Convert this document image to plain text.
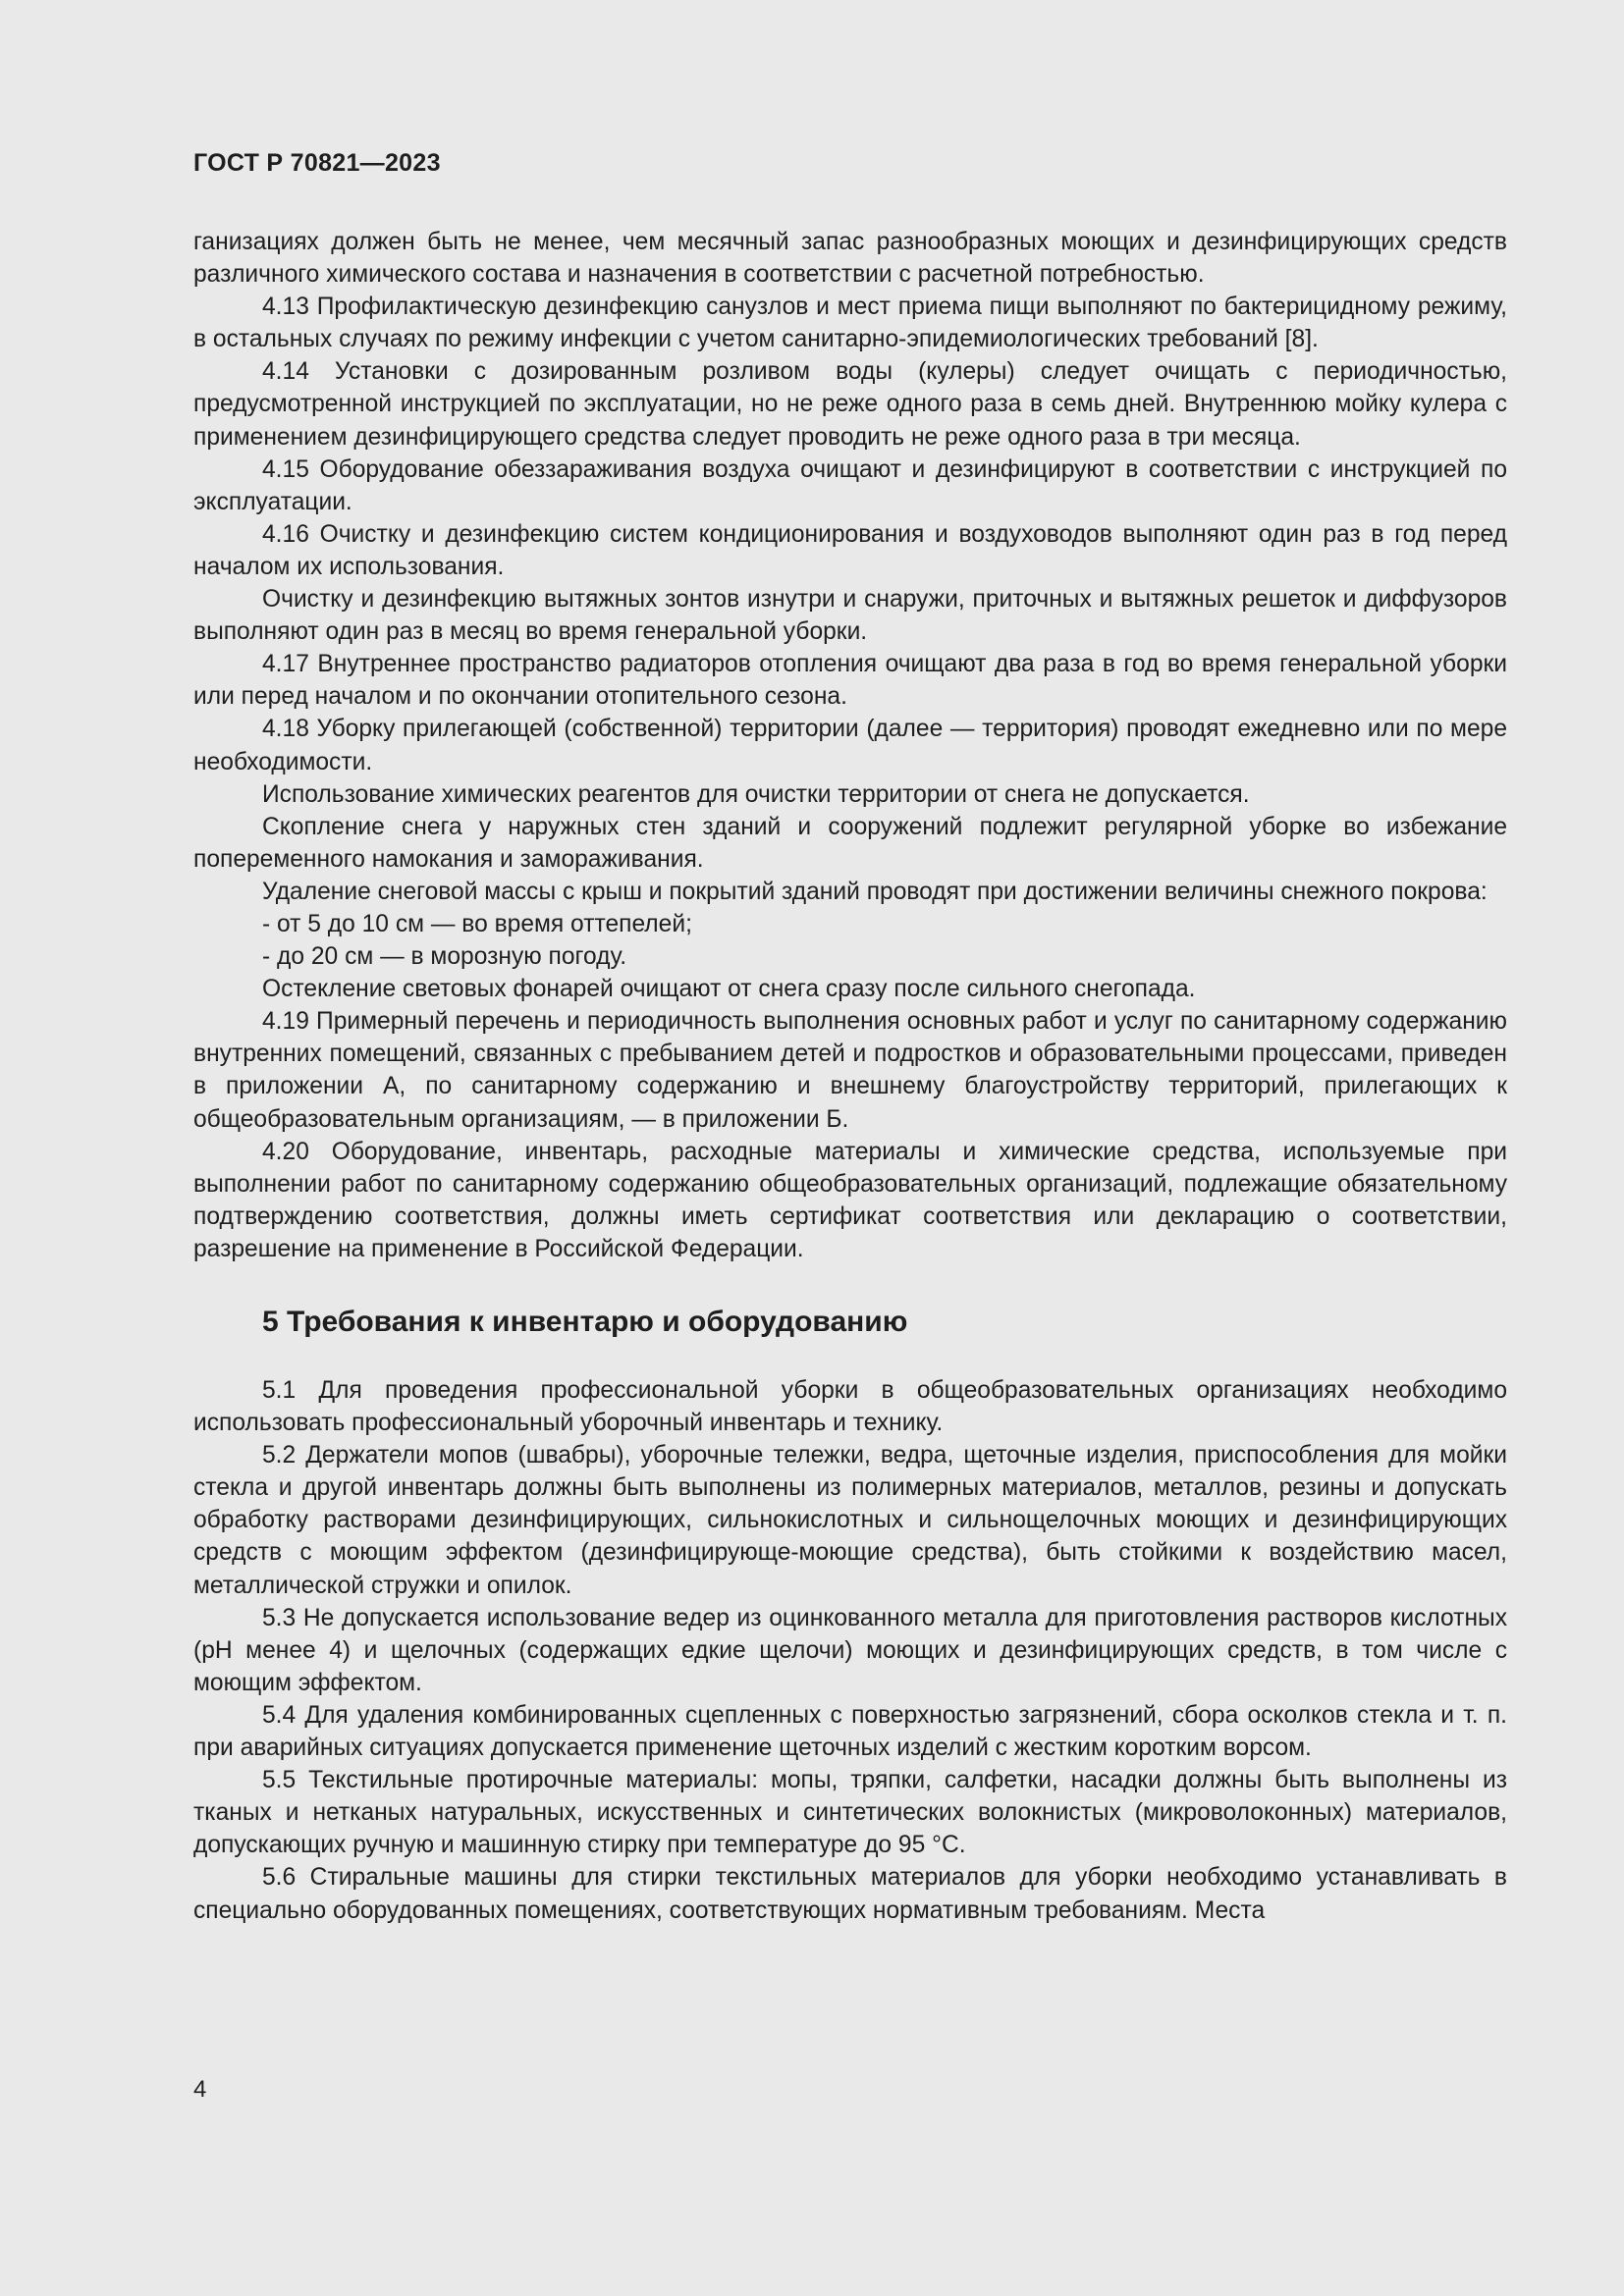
ГОСТ Р 70821—2023

ганизациях должен быть не менее, чем месячный запас разнообразных моющих и дезинфицирующих средств различного химического состава и назначения в соответствии с расчетной потребностью.

4.13 Профилактическую дезинфекцию санузлов и мест приема пищи выполняют по бактерицидному режиму, в остальных случаях по режиму инфекции с учетом санитарно-эпидемиологических требований [8].

4.14 Установки с дозированным розливом воды (кулеры) следует очищать с периодичностью, предусмотренной инструкцией по эксплуатации, но не реже одного раза в семь дней. Внутреннюю мойку кулера с применением дезинфицирующего средства следует проводить не реже одного раза в три месяца.

4.15 Оборудование обеззараживания воздуха очищают и дезинфицируют в соответствии с инструкцией по эксплуатации.

4.16 Очистку и дезинфекцию систем кондиционирования и воздуховодов выполняют один раз в год перед началом их использования.

Очистку и дезинфекцию вытяжных зонтов изнутри и снаружи, приточных и вытяжных решеток и диффузоров выполняют один раз в месяц во время генеральной уборки.

4.17 Внутреннее пространство радиаторов отопления очищают два раза в год во время генеральной уборки или перед началом и по окончании отопительного сезона.

4.18 Уборку прилегающей (собственной) территории (далее — территория) проводят ежедневно или по мере необходимости.

Использование химических реагентов для очистки территории от снега не допускается.

Скопление снега у наружных стен зданий и сооружений подлежит регулярной уборке во избежание попеременного намокания и замораживания.

Удаление снеговой массы с крыш и покрытий зданий проводят при достижении величины снежного покрова:

- от 5 до 10 см — во время оттепелей;

- до 20 см — в морозную погоду.

Остекление световых фонарей очищают от снега сразу после сильного снегопада.

4.19 Примерный перечень и периодичность выполнения основных работ и услуг по санитарному содержанию внутренних помещений, связанных с пребыванием детей и подростков и образовательными процессами, приведен в приложении А, по санитарному содержанию и внешнему благоустройству территорий, прилегающих к общеобразовательным организациям, — в приложении Б.

4.20 Оборудование, инвентарь, расходные материалы и химические средства, используемые при выполнении работ по санитарному содержанию общеобразовательных организаций, подлежащие обязательному подтверждению соответствия, должны иметь сертификат соответствия или декларацию о соответствии, разрешение на применение в Российской Федерации.

5 Требования к инвентарю и оборудованию

5.1 Для проведения профессиональной уборки в общеобразовательных организациях необходимо использовать профессиональный уборочный инвентарь и технику.

5.2 Держатели мопов (швабры), уборочные тележки, ведра, щеточные изделия, приспособления для мойки стекла и другой инвентарь должны быть выполнены из полимерных материалов, металлов, резины и допускать обработку растворами дезинфицирующих, сильнокислотных и сильнощелочных моющих и дезинфицирующих средств с моющим эффектом (дезинфицирующе-моющие средства), быть стойкими к воздействию масел, металлической стружки и опилок.

5.3 Не допускается использование ведер из оцинкованного металла для приготовления растворов кислотных (pH менее 4) и щелочных (содержащих едкие щелочи) моющих и дезинфицирующих средств, в том числе с моющим эффектом.

5.4 Для удаления комбинированных сцепленных с поверхностью загрязнений, сбора осколков стекла и т. п. при аварийных ситуациях допускается применение щеточных изделий с жестким коротким ворсом.

5.5 Текстильные протирочные материалы: мопы, тряпки, салфетки, насадки должны быть выполнены из тканых и нетканых натуральных, искусственных и синтетических волокнистых (микроволоконных) материалов, допускающих ручную и машинную стирку при температуре до 95 °С.

5.6 Стиральные машины для стирки текстильных материалов для уборки необходимо устанавливать в специально оборудованных помещениях, соответствующих нормативным требованиям. Места

4
